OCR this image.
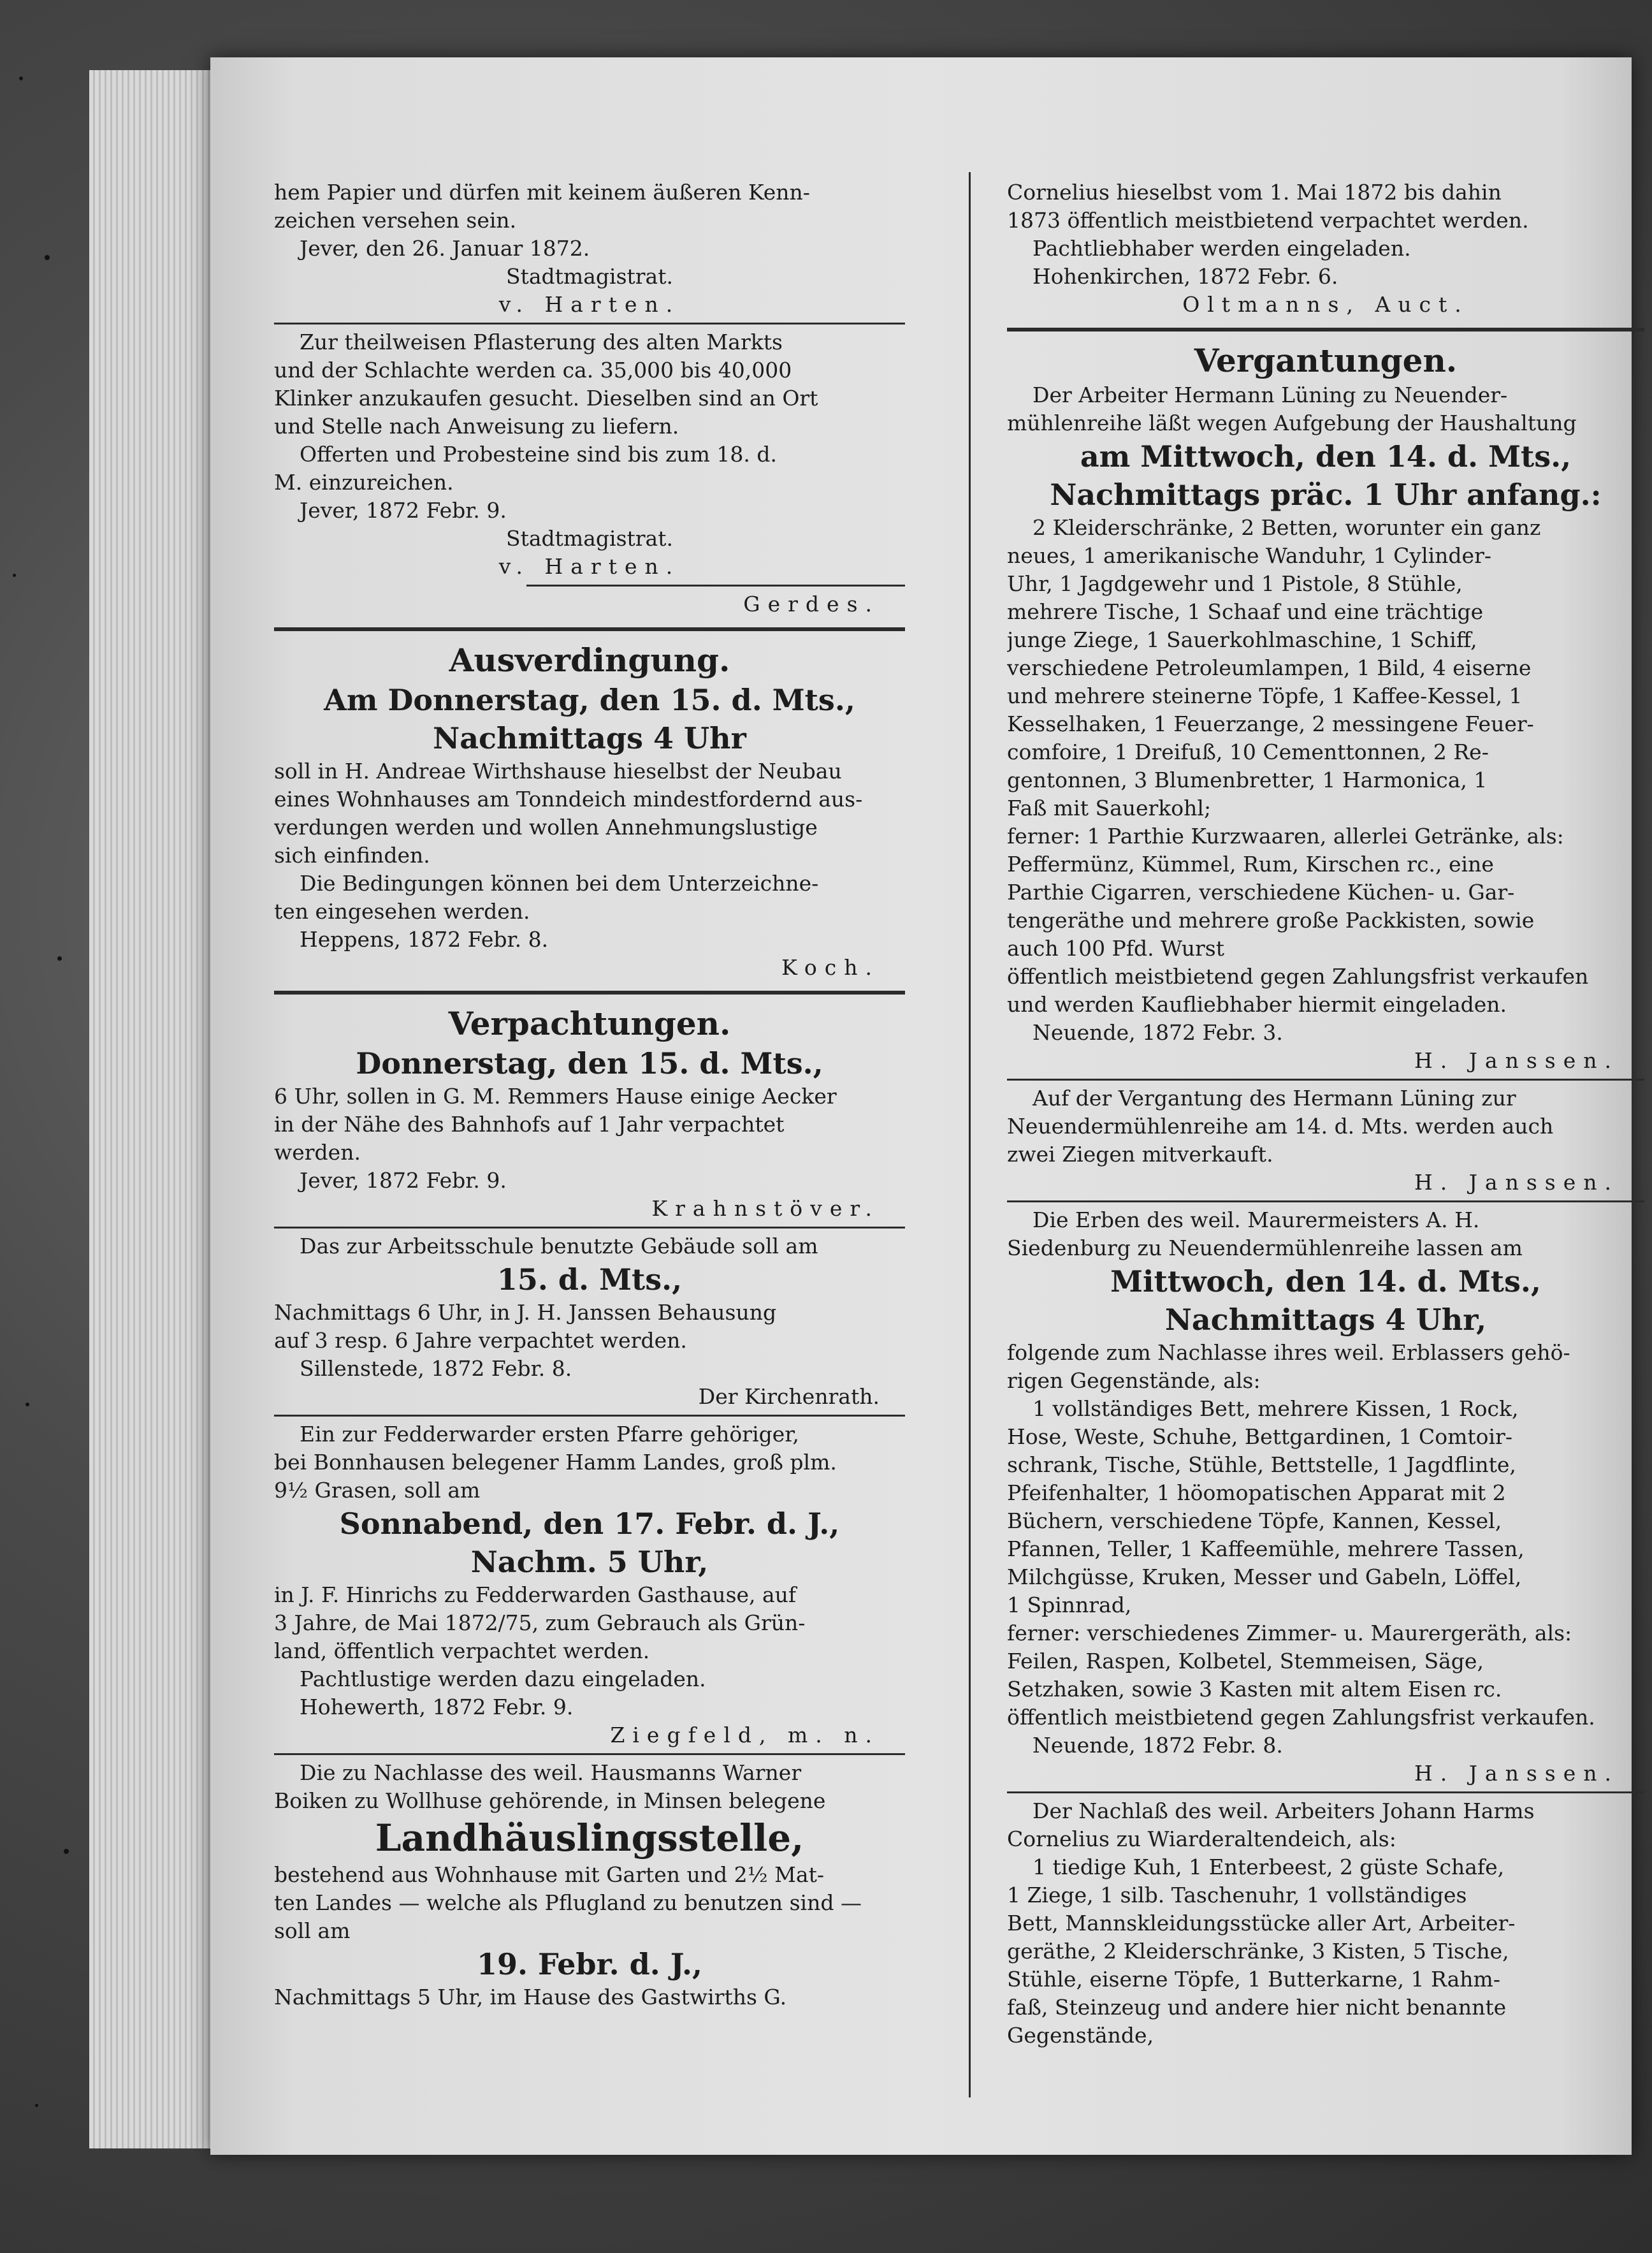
hem Papier und dürfen mit keinem äußeren Kenn-
zeichen versehen sein.
Jever, den 26. Januar 1872.
Stadtmagistrat.
v. Harten.
Zur theilweisen Pflasterung des alten Markts
und der Schlachte werden ca. 35,000 bis 40,000
Klinker anzukaufen gesucht. Dieselben sind an Ort
und Stelle nach Anweisung zu liefern.
Offerten und Probesteine sind bis zum 18. d.
M. einzureichen.
Jever, 1872 Febr. 9.
Stadtmagistrat.
v. Harten.
Gerdes.
Ausverdingung.
Am Donnerstag, den 15. d. Mts.,
Nachmittags 4 Uhr
soll in H. Andreae Wirthshause hieselbst der Neubau
eines Wohnhauses am Tonndeich mindestfordernd aus-
verdungen werden und wollen Annehmungslustige
sich einfinden.
Die Bedingungen können bei dem Unterzeichne-
ten eingesehen werden.
Heppens, 1872 Febr. 8.
Koch.
Verpachtungen.
Donnerstag, den 15. d. Mts.,
6 Uhr, sollen in G. M. Remmers Hause einige Aecker
in der Nähe des Bahnhofs auf 1 Jahr verpachtet
werden.
Jever, 1872 Febr. 9.
Krahnstöver.
Das zur Arbeitsschule benutzte Gebäude soll am
15. d. Mts.,
Nachmittags 6 Uhr, in J. H. Janssen Behausung
auf 3 resp. 6 Jahre verpachtet werden.
Sillenstede, 1872 Febr. 8.
Der Kirchenrath.
Ein zur Fedderwarder ersten Pfarre gehöriger,
bei Bonnhausen belegener Hamm Landes, groß plm.
9½ Grasen, soll am
Sonnabend, den 17. Febr. d. J.,
Nachm. 5 Uhr,
in J. F. Hinrichs zu Fedderwarden Gasthause, auf
3 Jahre, de Mai 1872/75, zum Gebrauch als Grün-
land, öffentlich verpachtet werden.
Pachtlustige werden dazu eingeladen.
Hohewerth, 1872 Febr. 9.
Ziegfeld, m. n.
Die zu Nachlasse des weil. Hausmanns Warner
Boiken zu Wollhuse gehörende, in Minsen belegene
Landhäuslingsstelle,
bestehend aus Wohnhause mit Garten und 2½ Mat-
ten Landes — welche als Pflugland zu benutzen sind —
soll am
19. Febr. d. J.,
Nachmittags 5 Uhr, im Hause des Gastwirths G.
Cornelius hieselbst vom 1. Mai 1872 bis dahin
1873 öffentlich meistbietend verpachtet werden.
Pachtliebhaber werden eingeladen.
Hohenkirchen, 1872 Febr. 6.
Oltmanns, Auct.
Vergantungen.
Der Arbeiter Hermann Lüning zu Neuender-
mühlenreihe läßt wegen Aufgebung der Haushaltung
am Mittwoch, den 14. d. Mts.,
Nachmittags präc. 1 Uhr anfang.:
2 Kleiderschränke, 2 Betten, worunter ein ganz
neues, 1 amerikanische Wanduhr, 1 Cylinder-
Uhr, 1 Jagdgewehr und 1 Pistole, 8 Stühle,
mehrere Tische, 1 Schaaf und eine trächtige
junge Ziege, 1 Sauerkohlmaschine, 1 Schiff,
verschiedene Petroleumlampen, 1 Bild, 4 eiserne
und mehrere steinerne Töpfe, 1 Kaffee-Kessel, 1
Kesselhaken, 1 Feuerzange, 2 messingene Feuer-
comfoire, 1 Dreifuß, 10 Cementtonnen, 2 Re-
gentonnen, 3 Blumenbretter, 1 Harmonica, 1
Faß mit Sauerkohl;
ferner: 1 Parthie Kurzwaaren, allerlei Getränke, als:
Peffermünz, Kümmel, Rum, Kirschen rc., eine
Parthie Cigarren, verschiedene Küchen- u. Gar-
tengeräthe und mehrere große Packkisten, sowie
auch 100 Pfd. Wurst
öffentlich meistbietend gegen Zahlungsfrist verkaufen
und werden Kaufliebhaber hiermit eingeladen.
Neuende, 1872 Febr. 3.
H. Janssen.
Auf der Vergantung des Hermann Lüning zur
Neuendermühlenreihe am 14. d. Mts. werden auch
zwei Ziegen mitverkauft.
H. Janssen.
Die Erben des weil. Maurermeisters A. H.
Siedenburg zu Neuendermühlenreihe lassen am
Mittwoch, den 14. d. Mts.,
Nachmittags 4 Uhr,
folgende zum Nachlasse ihres weil. Erblassers gehö-
rigen Gegenstände, als:
1 vollständiges Bett, mehrere Kissen, 1 Rock,
Hose, Weste, Schuhe, Bettgardinen, 1 Comtoir-
schrank, Tische, Stühle, Bettstelle, 1 Jagdflinte,
Pfeifenhalter, 1 höomopatischen Apparat mit 2
Büchern, verschiedene Töpfe, Kannen, Kessel,
Pfannen, Teller, 1 Kaffeemühle, mehrere Tassen,
Milchgüsse, Kruken, Messer und Gabeln, Löffel,
1 Spinnrad,
ferner: verschiedenes Zimmer- u. Maurergeräth, als:
Feilen, Raspen, Kolbetel, Stemmeisen, Säge,
Setzhaken, sowie 3 Kasten mit altem Eisen rc.
öffentlich meistbietend gegen Zahlungsfrist verkaufen.
Neuende, 1872 Febr. 8.
H. Janssen.
Der Nachlaß des weil. Arbeiters Johann Harms
Cornelius zu Wiarderaltendeich, als:
1 tiedige Kuh, 1 Enterbeest, 2 güste Schafe,
1 Ziege, 1 silb. Taschenuhr, 1 vollständiges
Bett, Mannskleidungsstücke aller Art, Arbeiter-
geräthe, 2 Kleiderschränke, 3 Kisten, 5 Tische,
Stühle, eiserne Töpfe, 1 Butterkarne, 1 Rahm-
faß, Steinzeug und andere hier nicht benannte
Gegenstände,
